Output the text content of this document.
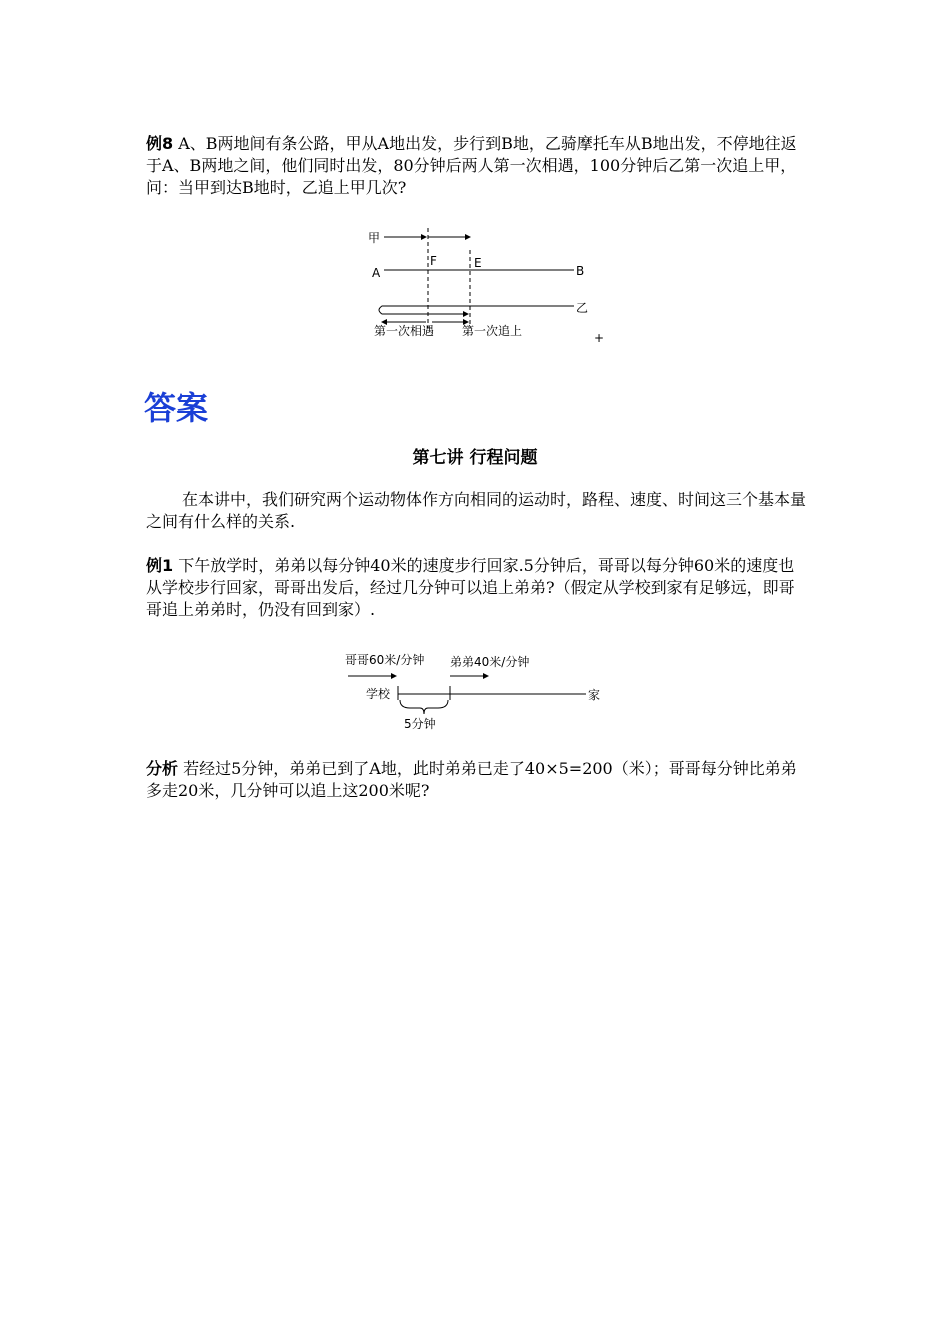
例8 A、B两地间有条公路，甲从A地出发，步行到B地，乙骑摩托车从B地出发，不停地往返于A、B两地之间，他们同时出发，80分钟后两人第一次相遇，100分钟后乙第一次追上甲，问：当甲到达B地时，乙追上甲几次?

甲
F	E
A	B
乙
第一次相遇 第一次追上	+
答案
第七讲 行程问题

在本讲中，我们研究两个运动物体作方向相同的运动时，路程、速度、时间这三个基本量之间有什么样的关系.

例1 下午放学时，弟弟以每分钟40米的速度步行回家.5分钟后，哥哥以每分钟60米的速度也从学校步行回家，哥哥出发后，经过几分钟可以追上弟弟?（假定从学校到家有足够远，即哥哥追上弟弟时，仍没有回到家）.

哥哥60米/分钟 弟弟40米/分钟
学校	家
5分钟

分析 若经过5分钟，弟弟已到了A地，此时弟弟已走了40×5=200（米）；哥哥每分钟比弟弟多走20米，几分钟可以追上这200米呢?
